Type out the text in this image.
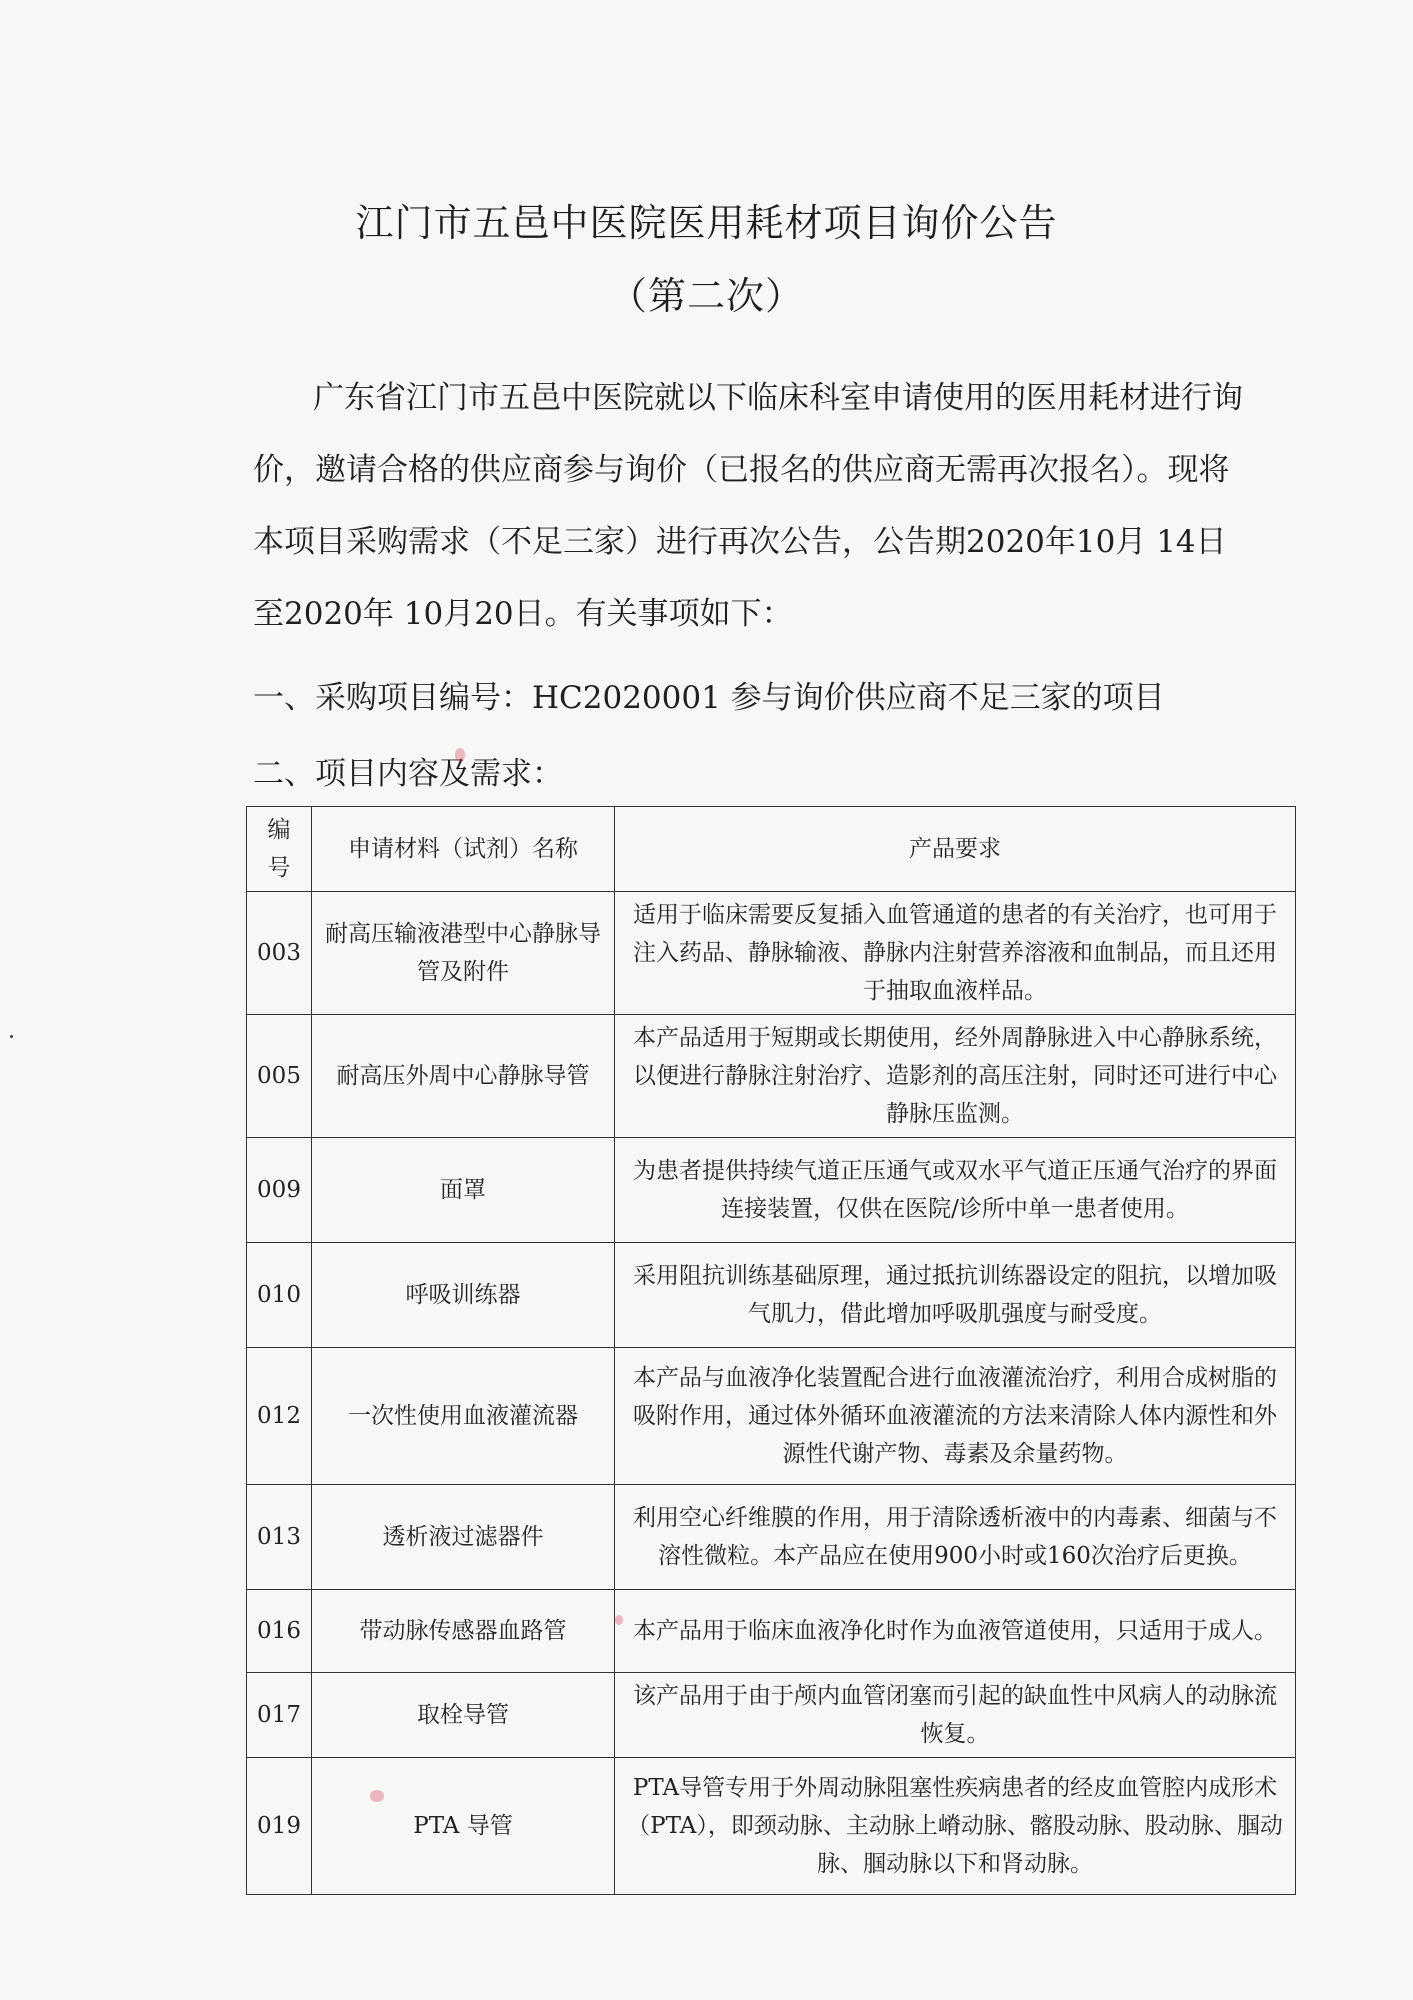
江门市五邑中医院医用耗材项目询价公告
（第二次）
广东省江门市五邑中医院就以下临床科室申请使用的医用耗材进行询价，邀请合格的供应商参与询价（已报名的供应商无需再次报名）。现将本项目采购需求（不足三家）进行再次公告，公告期2020年10月 14日至2020年 10月20日。有关事项如下：
一、采购项目编号：HC2020001 参与询价供应商不足三家的项目
二、项目内容及需求：
编号	申请材料（试剂）名称	产品要求
003	耐高压输液港型中心静脉导管及附件	适用于临床需要反复插入血管通道的患者的有关治疗，也可用于注入药品、静脉输液、静脉内注射营养溶液和血制品，而且还用于抽取血液样品。
005	耐高压外周中心静脉导管	本产品适用于短期或长期使用，经外周静脉进入中心静脉系统，以便进行静脉注射治疗、造影剂的高压注射，同时还可进行中心静脉压监测。
009	面罩	为患者提供持续气道正压通气或双水平气道正压通气治疗的界面连接装置，仅供在医院/诊所中单一患者使用。
010	呼吸训练器	采用阻抗训练基础原理，通过抵抗训练器设定的阻抗，以增加吸气肌力，借此增加呼吸肌强度与耐受度。
012	一次性使用血液灌流器	本产品与血液净化装置配合进行血液灌流治疗，利用合成树脂的吸附作用，通过体外循环血液灌流的方法来清除人体内源性和外源性代谢产物、毒素及余量药物。
013	透析液过滤器件	利用空心纤维膜的作用，用于清除透析液中的内毒素、细菌与不溶性微粒。本产品应在使用900小时或160次治疗后更换。
016	带动脉传感器血路管	本产品用于临床血液净化时作为血液管道使用，只适用于成人。
017	取栓导管	该产品用于由于颅内血管闭塞而引起的缺血性中风病人的动脉流恢复。
019	PTA 导管	PTA导管专用于外周动脉阻塞性疾病患者的经皮血管腔内成形术（PTA），即颈动脉、主动脉上嵴动脉、髂股动脉、股动脉、腘动脉、腘动脉以下和肾动脉。
